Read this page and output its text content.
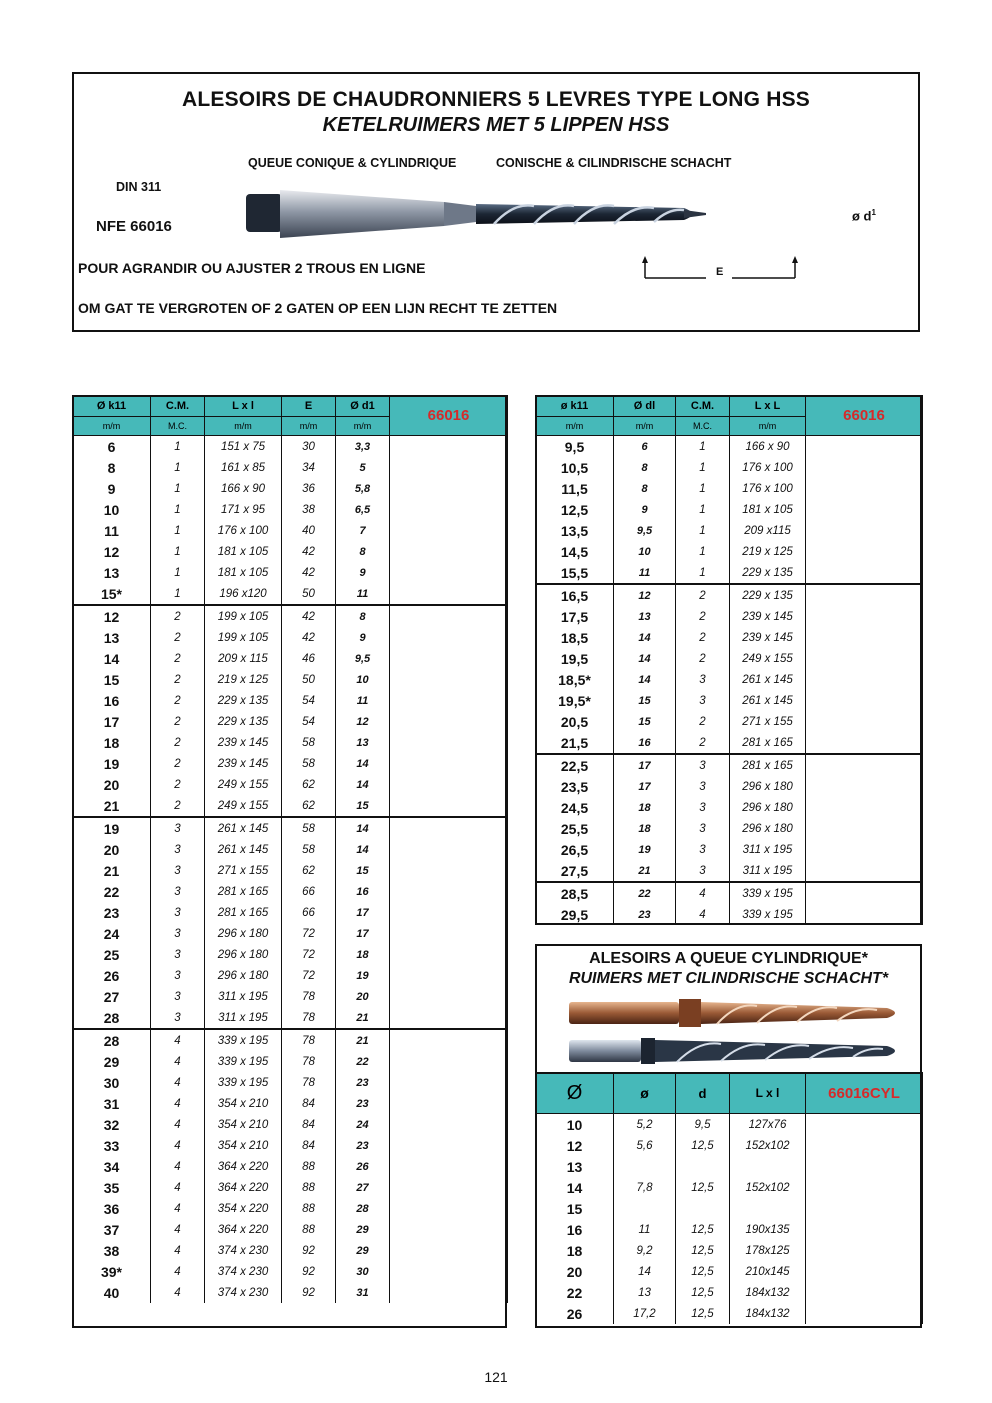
ALESOIRS DE CHAUDRONNIERS 5 LEVRES TYPE LONG HSS
KETELRUIMERS MET 5 LIPPEN HSS
QUEUE CONIQUE & CYLINDRIQUE	CONISCHE & CILINDRISCHE SCHACHT
DIN 311
NFE 66016
ø $d^1$
POUR AGRANDIR OU AJUSTER 2 TROUS EN LIGNE
OM GAT TE VERGROTEN OF 2 GATEN OP EEN LIJN RECHT TE ZETTEN
E
Ø k11	C.M.	L x l	E	Ø d1	66016
m/m	M.C.	m/m	m/m	m/m	
6	1	151 x 75	30	3,3	
8	1	161 x 85	34	5	
9	1	166 x 90	36	5,8	
10	1	171 x 95	38	6,5	
11	1	176 x 100	40	7	
12	1	181 x 105	42	8	
13	1	181 x 105	42	9	
15*	1	196 x120	50	11	
12	2	199 x 105	42	8	
13	2	199 x 105	42	9	
14	2	209 x 115	46	9,5	
15	2	219 x 125	50	10	
16	2	229 x 135	54	11	
17	2	229 x 135	54	12	
18	2	239 x 145	58	13	
19	2	239 x 145	58	14	
20	2	249 x 155	62	14	
21	2	249 x 155	62	15	
19	3	261 x 145	58	14	
20	3	261 x 145	58	14	
21	3	271 x 155	62	15	
22	3	281 x 165	66	16	
23	3	281 x 165	66	17	
24	3	296 x 180	72	17	
25	3	296 x 180	72	18	
26	3	296 x 180	72	19	
27	3	311 x 195	78	20	
28	3	311 x 195	78	21	
28	4	339 x 195	78	21	
29	4	339 x 195	78	22	
30	4	339 x 195	78	23	
31	4	354 x 210	84	23	
32	4	354 x 210	84	24	
33	4	354 x 210	84	23	
34	4	364 x 220	88	26	
35	4	364 x 220	88	27	
36	4	354 x 220	88	28	
37	4	364 x 220	88	29	
38	4	374 x 230	92	29	
39*	4	374 x 230	92	30	
40	4	374 x 230	92	31	
ø k11	Ø dl	C.M.	L x L	66016
m/m	m/m	M.C.	m/m	
9,5	6	1	166 x 90	
10,5	8	1	176 x 100	
11,5	8	1	176 x 100	
12,5	9	1	181 x 105	
13,5	9,5	1	209 x115	
14,5	10	1	219 x 125	
15,5	11	1	229 x 135	
16,5	12	2	229 x 135	
17,5	13	2	239 x 145	
18,5	14	2	239 x 145	
19,5	14	2	249 x 155	
18,5*	14	3	261 x 145	
19,5*	15	3	261 x 145	
20,5	15	2	271 x 155	
21,5	16	2	281 x 165	
22,5	17	3	281 x 165	
23,5	17	3	296 x 180	
24,5	18	3	296 x 180	
25,5	18	3	296 x 180	
26,5	19	3	311 x 195	
27,5	21	3	311 x 195	
28,5	22	4	339 x 195	
29,5	23	4	339 x 195	
ALESOIRS A QUEUE CYLINDRIQUE*
RUIMERS MET CILINDRISCHE SCHACHT*
Ø	ø	d	L x l	66016CYL
10	5,2	9,5	127x76	
12	5,6	12,5	152x102	
13				
14	7,8	12,5	152x102	
15				
16	11	12,5	190x135	
18	9,2	12,5	178x125	
20	14	12,5	210x145	
22	13	12,5	184x132	
26	17,2	12,5	184x132	
121
